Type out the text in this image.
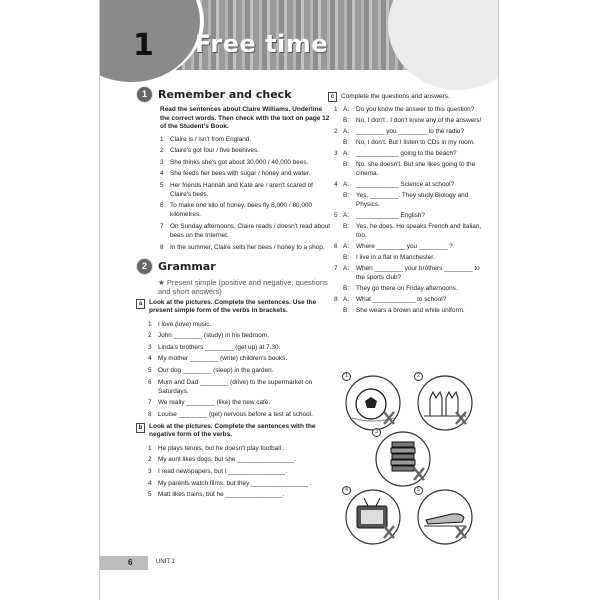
1 Free time
1	Remember and check
Read the sentences about Claire Williams. Underline the correct words. Then check with the text on page 12 of the Student's Book.
1	Claire is / isn't from England.
2	Claire's got four / five beehives.
3	She thinks she's got about 30,000 / 40,000 bees.
4	She feeds her bees with sugar / honey and water.
5	Her friends Hannah and Kate are / aren't scared of Claire's bees.
6	To make one kilo of honey, bees fly 8,000 / 80,000 kilometres.
7	On Sunday afternoons, Claire reads / doesn't read about bees on the Internet.
8	In the summer, Claire sells her bees / honey to a shop.
2	Grammar
★ Present simple (positive and negative; questions and short answers)
a	Look at the pictures. Complete the sentences. Use the present simple form of the verbs in brackets.
1	I love (love) music.
2	John ________ (study) in his bedroom.
3	Linda's brothers ________ (get up) at 7.30.
4	My mother ________ (write) children's books.
5	Our dog ________ (sleep) in the garden.
6	Mum and Dad ________ (drive) to the supermarket on Saturdays.
7	We really ________ (like) the new café.
8	Louise ________ (get) nervous before a test at school.
b	Look at the pictures. Complete the sentences with the negative form of the verbs.
1	He plays tennis, but he doesn't play football .
2	My aunt likes dogs, but she ________________.
3	I read newspapers, but I ________________.
4	My parents watch films, but they ________________ .
5	Matt likes trains, but he ________________.
c	Complete the questions and answers.
1 A:	Do you know the answer to this question?
B:	No, I don't . I don't know any of the answers!
2 A:	________ you ________ to the radio?
B:	No, I don't. But I listen to CDs in my room.
3 A:	____________ going to the beach?
B:	No, she doesn't. But she likes going to the cinema.
4 A:	____________ Science at school?
B:	Yes, ________. They study Biology and Physics.
5 A:	____________ English?
B:	Yes, he does. He speaks French and Italian, too.
6 A:	Where ________ you ________ ?
B:	I live in a flat in Manchester.
7 A:	When ________ your brothers ________ to the sports club?
B:	They go there on Friday afternoons.
8 A:	What ____________ to school?
B:	She wears a brown and white uniform.
1	2
3
4	5
6	UNIT 1
